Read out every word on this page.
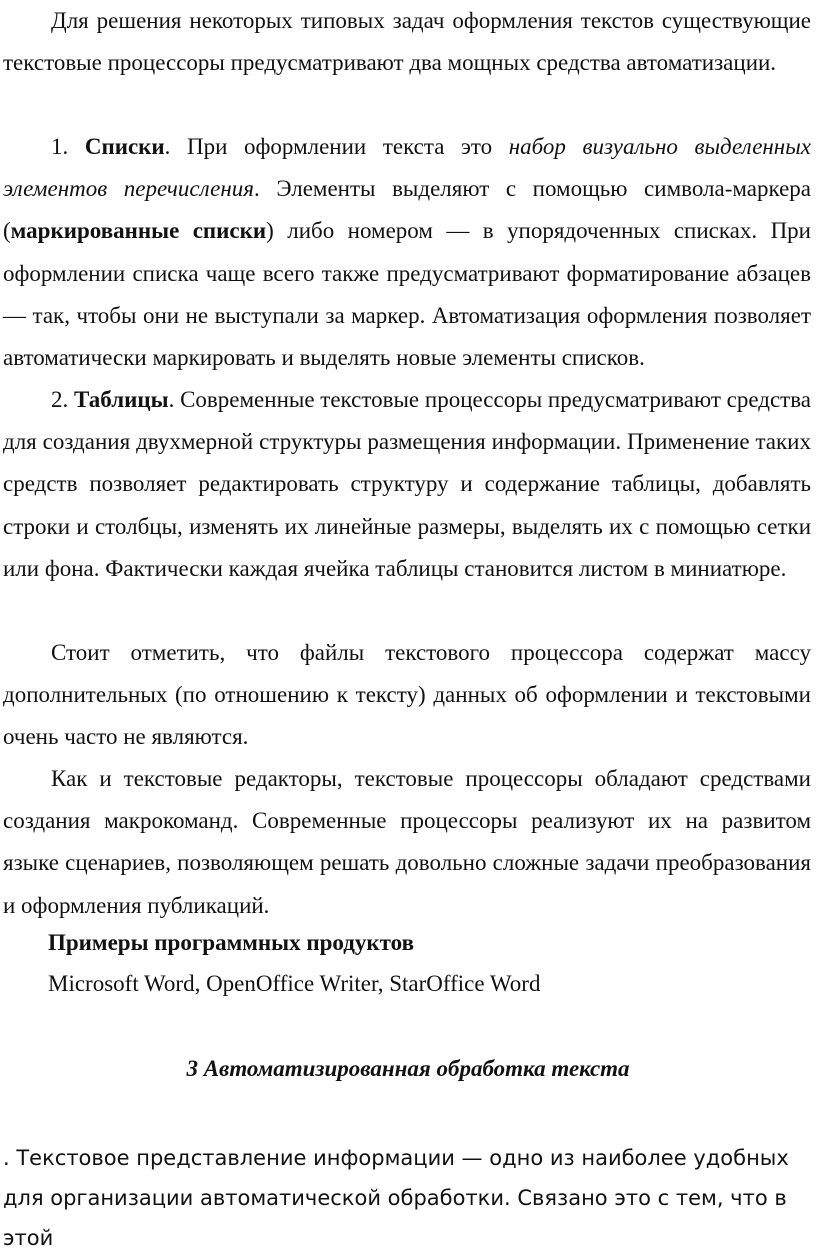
Для решения некоторых типовых задач оформления текстов существующие текстовые процессоры предусматривают два мощных средства автоматизации.

1. Списки. При оформлении текста это набор визуально выделенных элементов перечисления. Элементы выделяют с помощью символа-маркера (маркированные списки) либо номером — в упорядоченных списках. При оформлении списка чаще всего также предусматривают форматирование абзацев — так, чтобы они не выступали за маркер. Автоматизация оформления позволяет автоматически маркировать и выделять новые элементы списков.

2. Таблицы. Современные текстовые процессоры предусматривают средства для создания двухмерной структуры размещения информации. Применение таких средств позволяет редактировать структуру и содержание таблицы, добавлять строки и столбцы, изменять их линейные размеры, выделять их с помощью сетки или фона. Фактически каждая ячейка таблицы становится листом в миниатюре.

Стоит отметить, что файлы текстового процессора содержат массу дополнительных (по отношению к тексту) данных об оформлении и текстовыми очень часто не являются.

Как и текстовые редакторы, текстовые процессоры обладают средствами создания макрокоманд. Современные процессоры реализуют их на развитом языке сценариев, позволяющем решать довольно сложные задачи преобразования и оформления публикаций.

Примеры программных продуктов
Microsoft Word, OpenOffice Writer, StarOffice Word
3 Автоматизированная обработка текста

. Текстовое представление информации — одно из наиболее удобных для организации автоматической обработки. Связано это с тем, что в этой
